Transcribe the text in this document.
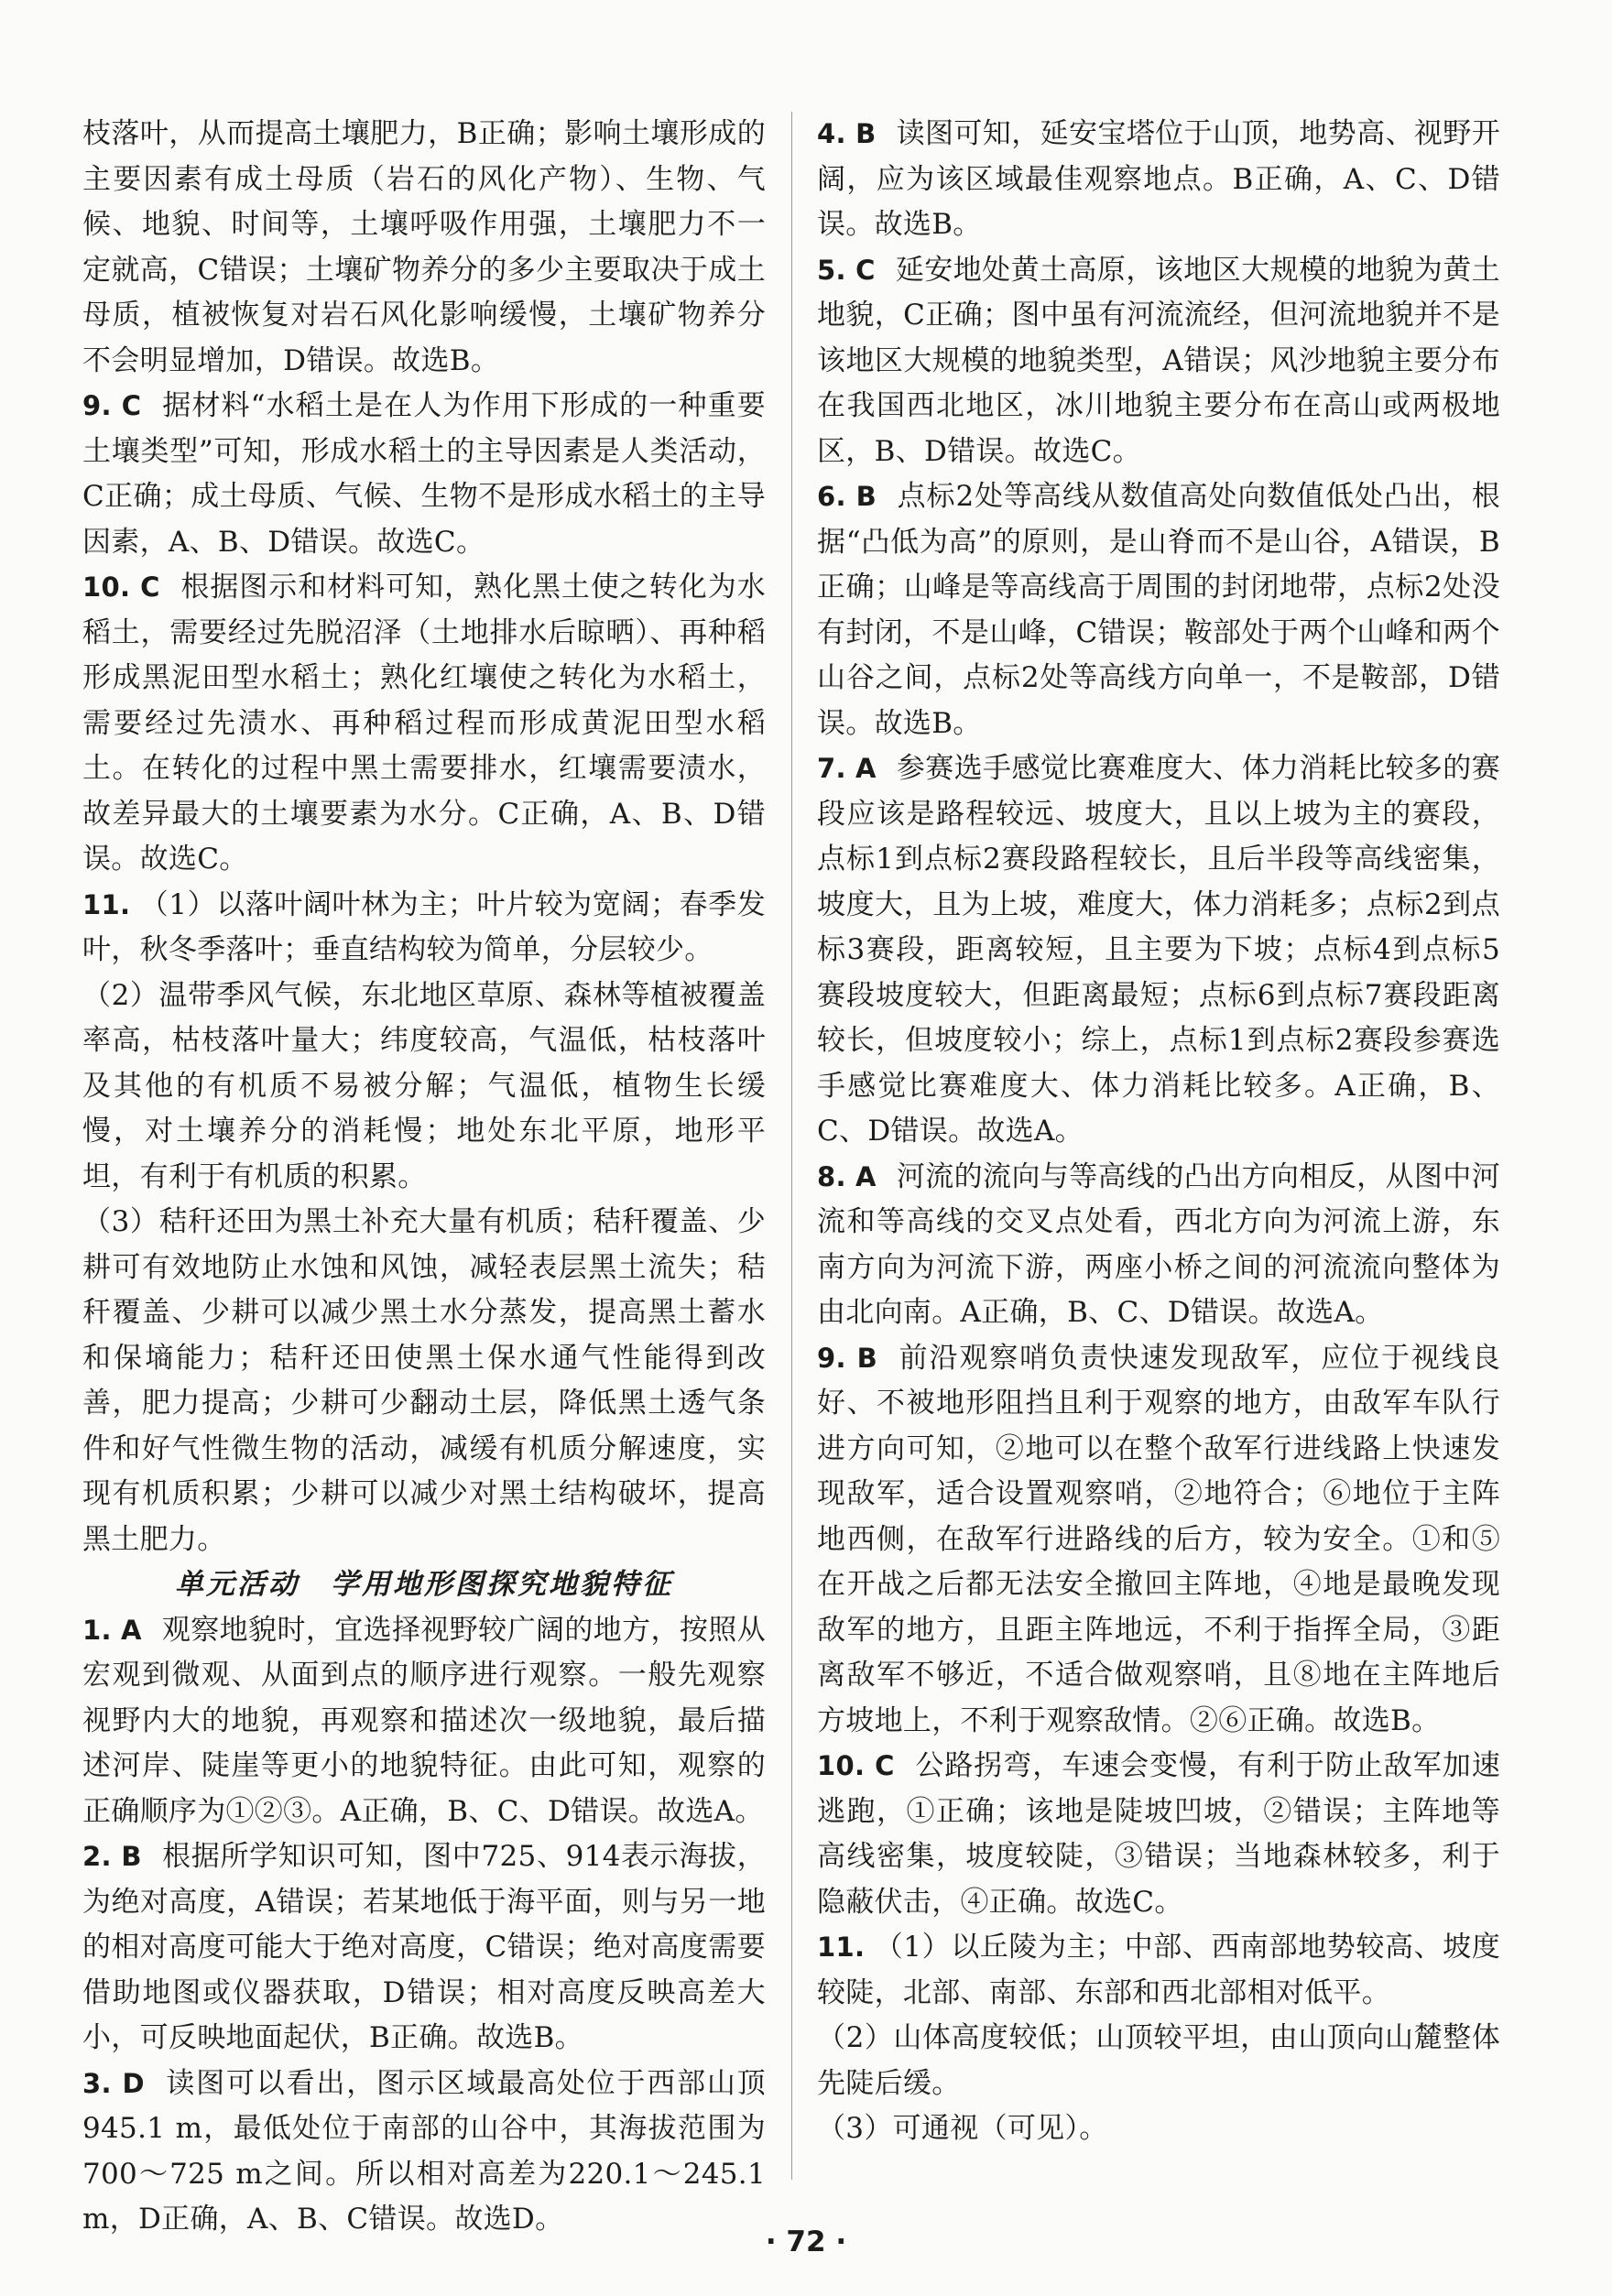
枝落叶，从而提高土壤肥力，B正确；影响土壤形成的主要因素有成土母质（岩石的风化产物）、生物、气候、地貌、时间等，土壤呼吸作用强，土壤肥力不一定就高，C错误；土壤矿物养分的多少主要取决于成土母质，植被恢复对岩石风化影响缓慢，土壤矿物养分不会明显增加，D错误。故选B。

9. C 据材料“水稻土是在人为作用下形成的一种重要土壤类型”可知，形成水稻土的主导因素是人类活动，C正确；成土母质、气候、生物不是形成水稻土的主导因素，A、B、D错误。故选C。

10. C 根据图示和材料可知，熟化黑土使之转化为水稻土，需要经过先脱沼泽（土地排水后晾晒）、再种稻形成黑泥田型水稻土；熟化红壤使之转化为水稻土，需要经过先渍水、再种稻过程而形成黄泥田型水稻土。在转化的过程中黑土需要排水，红壤需要渍水，故差异最大的土壤要素为水分。C正确，A、B、D错误。故选C。

11. （1）以落叶阔叶林为主；叶片较为宽阔；春季发叶，秋冬季落叶；垂直结构较为简单，分层较少。

（2）温带季风气候，东北地区草原、森林等植被覆盖率高，枯枝落叶量大；纬度较高，气温低，枯枝落叶及其他的有机质不易被分解；气温低，植物生长缓慢，对土壤养分的消耗慢；地处东北平原，地形平坦，有利于有机质的积累。

（3）秸秆还田为黑土补充大量有机质；秸秆覆盖、少耕可有效地防止水蚀和风蚀，减轻表层黑土流失；秸秆覆盖、少耕可以减少黑土水分蒸发，提高黑土蓄水和保墒能力；秸秆还田使黑土保水通气性能得到改善，肥力提高；少耕可少翻动土层，降低黑土透气条件和好气性微生物的活动，减缓有机质分解速度，实现有机质积累；少耕可以减少对黑土结构破坏，提高黑土肥力。

单元活动 学用地形图探究地貌特征

1. A 观察地貌时，宜选择视野较广阔的地方，按照从宏观到微观、从面到点的顺序进行观察。一般先观察视野内大的地貌，再观察和描述次一级地貌，最后描述河岸、陡崖等更小的地貌特征。由此可知，观察的正确顺序为①②③。A正确，B、C、D错误。故选A。

2. B 根据所学知识可知，图中725、914表示海拔，为绝对高度，A错误；若某地低于海平面，则与另一地的相对高度可能大于绝对高度，C错误；绝对高度需要借助地图或仪器获取，D错误；相对高度反映高差大小，可反映地面起伏，B正确。故选B。

3. D 读图可以看出，图示区域最高处位于西部山顶945.1 m，最低处位于南部的山谷中，其海拔范围为700～725 m之间。所以相对高差为220.1～245.1 m，D正确，A、B、C错误。故选D。

4. B 读图可知，延安宝塔位于山顶，地势高、视野开阔，应为该区域最佳观察地点。B正确，A、C、D错误。故选B。

5. C 延安地处黄土高原，该地区大规模的地貌为黄土地貌，C正确；图中虽有河流流经，但河流地貌并不是该地区大规模的地貌类型，A错误；风沙地貌主要分布在我国西北地区，冰川地貌主要分布在高山或两极地区，B、D错误。故选C。

6. B 点标2处等高线从数值高处向数值低处凸出，根据“凸低为高”的原则，是山脊而不是山谷，A错误，B正确；山峰是等高线高于周围的封闭地带，点标2处没有封闭，不是山峰，C错误；鞍部处于两个山峰和两个山谷之间，点标2处等高线方向单一，不是鞍部，D错误。故选B。

7. A 参赛选手感觉比赛难度大、体力消耗比较多的赛段应该是路程较远、坡度大，且以上坡为主的赛段，点标1到点标2赛段路程较长，且后半段等高线密集，坡度大，且为上坡，难度大，体力消耗多；点标2到点标3赛段，距离较短，且主要为下坡；点标4到点标5赛段坡度较大，但距离最短；点标6到点标7赛段距离较长，但坡度较小；综上，点标1到点标2赛段参赛选手感觉比赛难度大、体力消耗比较多。A正确，B、C、D错误。故选A。

8. A 河流的流向与等高线的凸出方向相反，从图中河流和等高线的交叉点处看，西北方向为河流上游，东南方向为河流下游，两座小桥之间的河流流向整体为由北向南。A正确，B、C、D错误。故选A。

9. B 前沿观察哨负责快速发现敌军，应位于视线良好、不被地形阻挡且利于观察的地方，由敌军车队行进方向可知，②地可以在整个敌军行进线路上快速发现敌军，适合设置观察哨，②地符合；⑥地位于主阵地西侧，在敌军行进路线的后方，较为安全。①和⑤在开战之后都无法安全撤回主阵地，④地是最晚发现敌军的地方，且距主阵地远，不利于指挥全局，③距离敌军不够近，不适合做观察哨，且⑧地在主阵地后方坡地上，不利于观察敌情。②⑥正确。故选B。

10. C 公路拐弯，车速会变慢，有利于防止敌军加速逃跑，①正确；该地是陡坡凹坡，②错误；主阵地等高线密集，坡度较陡，③错误；当地森林较多，利于隐蔽伏击，④正确。故选C。

11. （1）以丘陵为主；中部、西南部地势较高、坡度较陡，北部、南部、东部和西北部相对低平。

（2）山体高度较低；山顶较平坦，由山顶向山麓整体先陡后缓。

（3）可通视（可见）。

· 72 ·
